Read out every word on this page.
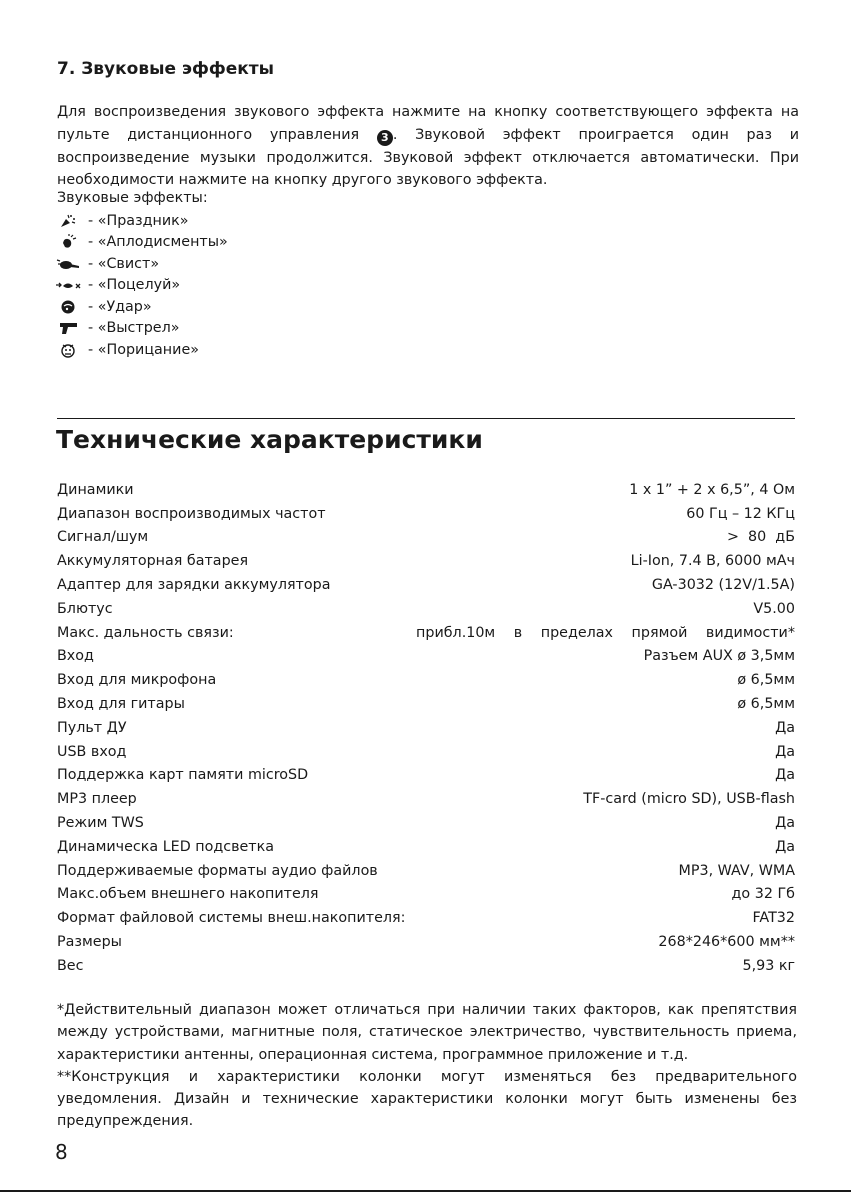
7. Звуковые эффекты

Для воспроизведения звукового эффекта нажмите на кнопку соответствующего эффекта на пульте дистанционного управления 3 . Звуковой эффект проиграется один раз и воспроизведение музыки продолжится. Звуковой эффект отключается автоматически. При необходимости нажмите на кнопку другого звукового эффекта.

Звуковые эффекты:
- «Праздник»
- «Аплодисменты»
- «Свист»
- «Поцелуй»
- «Удар»
- «Выстрел»
- «Порицание»
Технические характеристики
Динамики	1 x 1” + 2 x 6,5”, 4 Ом
Диапазон воспроизводимых частот	60 Гц – 12 КГц
Сигнал/шум	>  80  дБ
Аккумуляторная батарея	Li-Ion, 7.4 В, 6000 мАч
Адаптер для зарядки аккумулятора	GA-3032 (12V/1.5A)
Блютус	V5.00
Макс. дальность связи:	прибл.10м в пределах прямой видимости*
Вход	Разъем AUX ø 3,5мм
Вход для микрофона	ø 6,5мм
Вход для гитары	ø 6,5мм
Пульт ДУ	Да
USB вход	Да
Поддержка карт памяти microSD	Да
MP3 плеер	TF-card (micro SD), USB-flash
Режим TWS	Да
Динамическа LED подсветка	Да
Поддерживаемые форматы аудио файлов	MP3, WAV, WMA
Макс.объем внешнего накопителя	до 32 Гб
Формат файловой системы внеш.накопителя:	FAT32
Размеры	268*246*600 мм**
Вес	5,93 кг

*Действительный диапазон может отличаться при наличии таких факторов, как препятствия между устройствами, магнитные поля, статическое электричество, чувствительность приема, характеристики антенны, операционная система, программное приложение и т.д.

**Конструкция и характеристики колонки могут изменяться без предварительного уведомления. Дизайн и технические характеристики колонки могут быть изменены без предупреждения.

8
